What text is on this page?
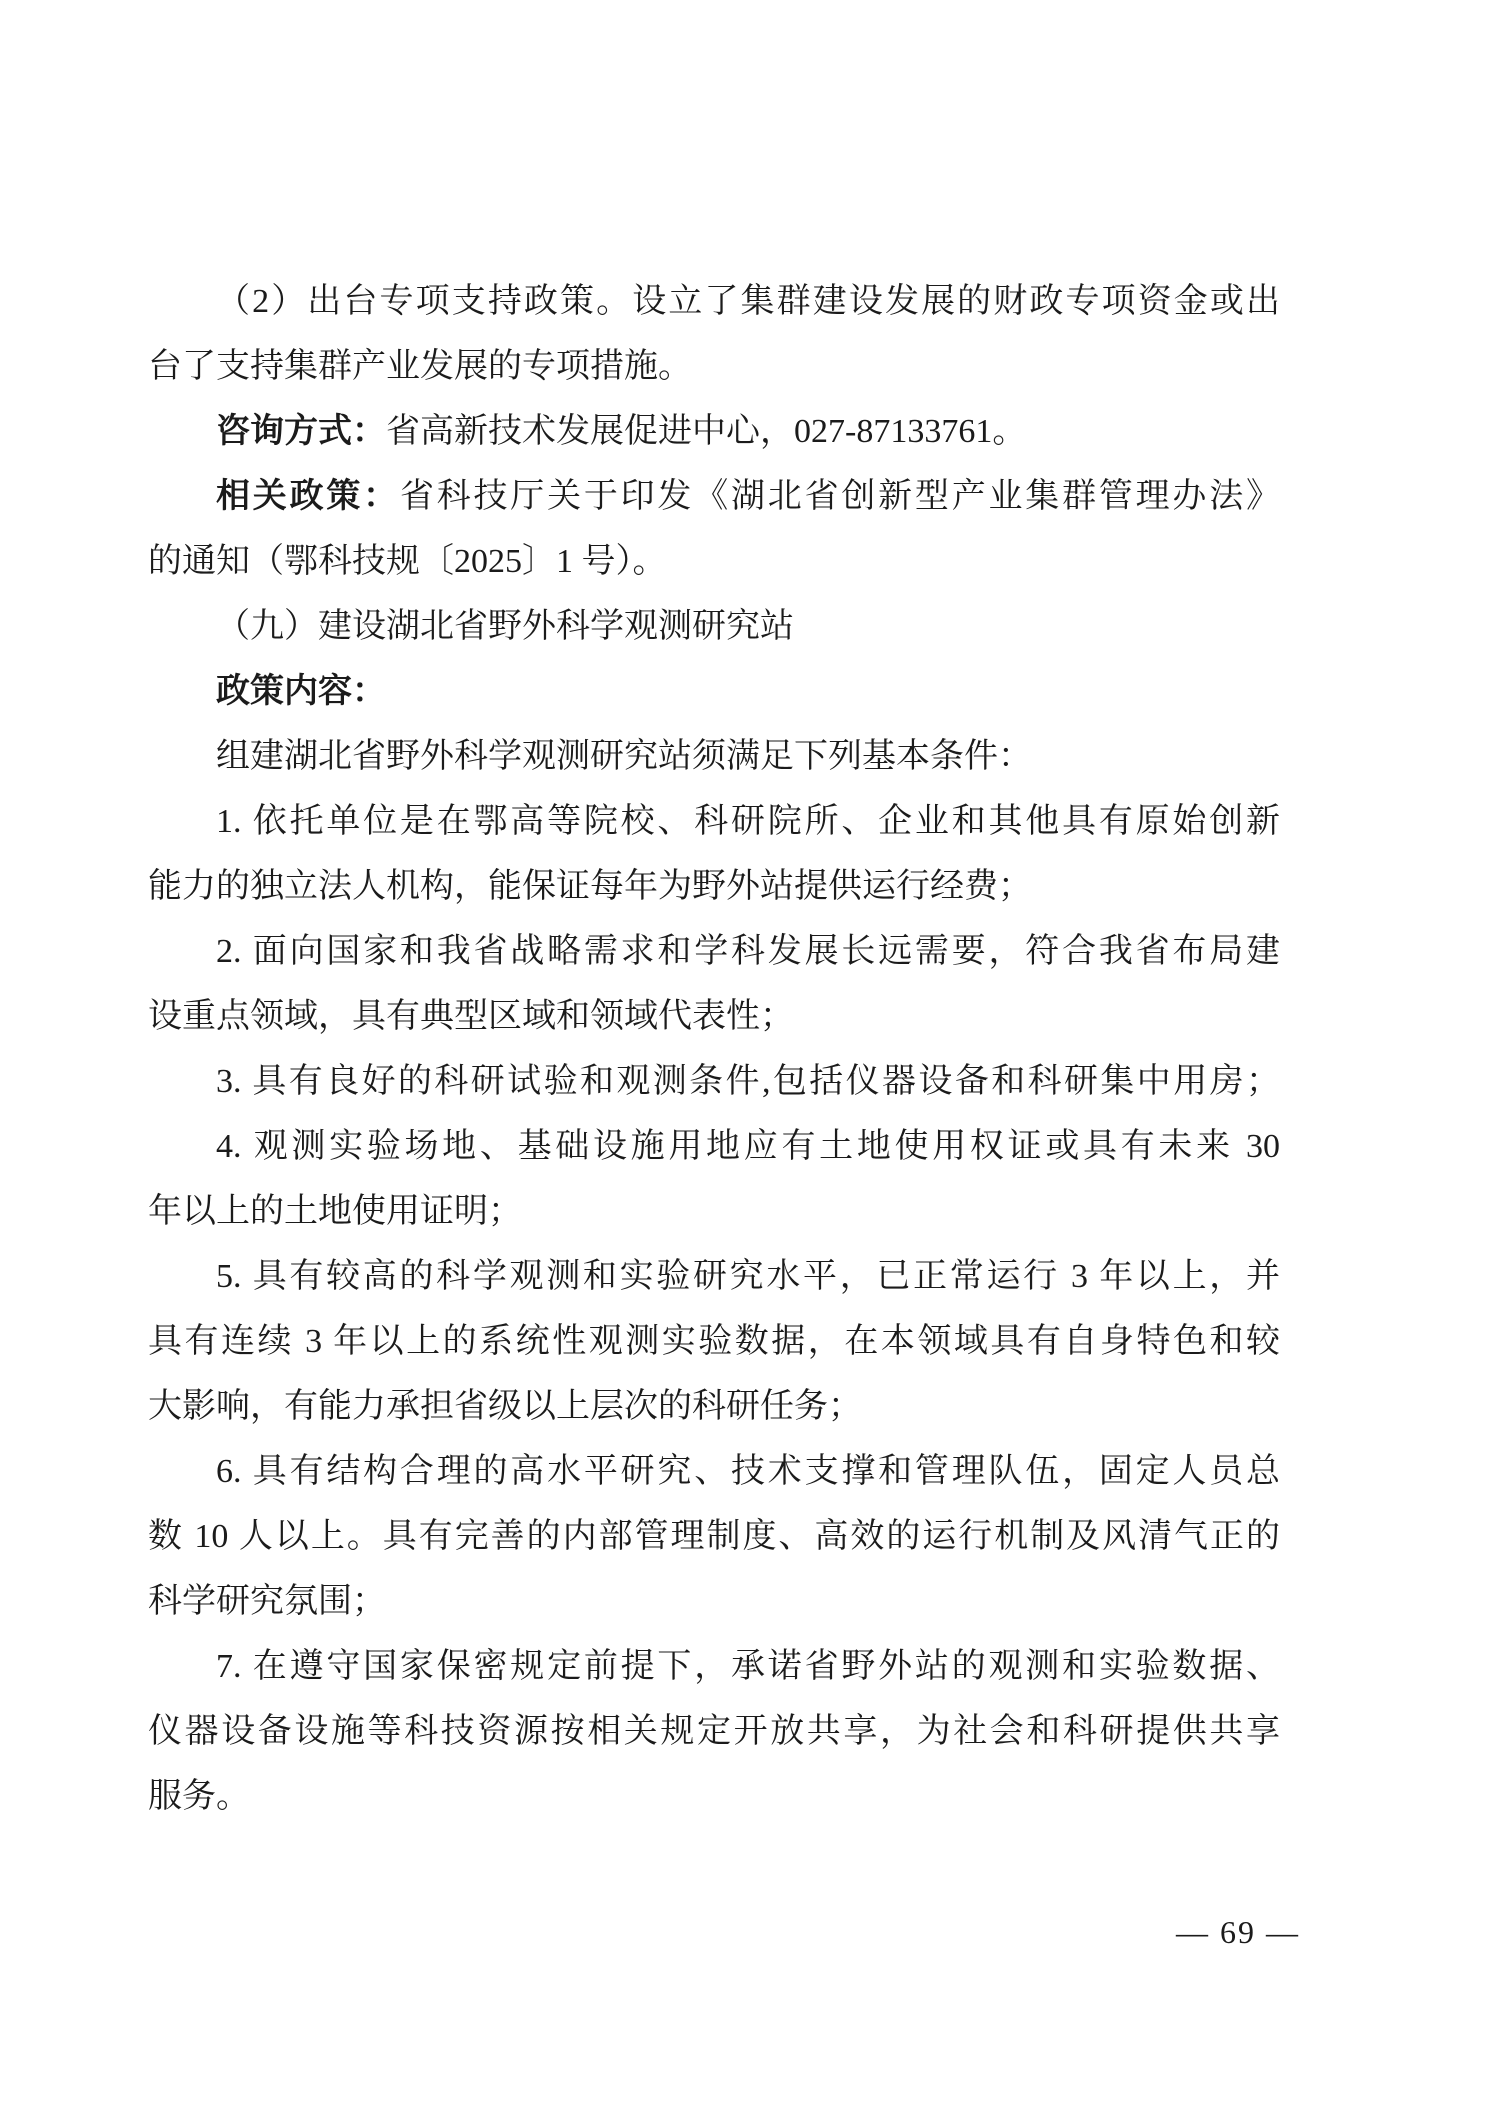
（2）出台专项支持政策。设立了集群建设发展的财政专项资金或出
台了支持集群产业发展的专项措施。
咨询方式：省高新技术发展促进中心，027-87133761。
相关政策：省科技厅关于印发《湖北省创新型产业集群管理办法》
的通知（鄂科技规〔2025〕1 号）。
（九）建设湖北省野外科学观测研究站
政策内容：
组建湖北省野外科学观测研究站须满足下列基本条件：
1. 依托单位是在鄂高等院校、科研院所、企业和其他具有原始创新
能力的独立法人机构，能保证每年为野外站提供运行经费；
2. 面向国家和我省战略需求和学科发展长远需要，符合我省布局建
设重点领域，具有典型区域和领域代表性；
3. 具有良好的科研试验和观测条件,包括仪器设备和科研集中用房；
4. 观测实验场地、基础设施用地应有土地使用权证或具有未来 30
年以上的土地使用证明；
5. 具有较高的科学观测和实验研究水平，已正常运行 3 年以上，并
具有连续 3 年以上的系统性观测实验数据，在本领域具有自身特色和较
大影响，有能力承担省级以上层次的科研任务；
6. 具有结构合理的高水平研究、技术支撑和管理队伍，固定人员总
数 10 人以上。具有完善的内部管理制度、高效的运行机制及风清气正的
科学研究氛围；
7. 在遵守国家保密规定前提下，承诺省野外站的观测和实验数据、
仪器设备设施等科技资源按相关规定开放共享，为社会和科研提供共享
服务。
— 69 —
